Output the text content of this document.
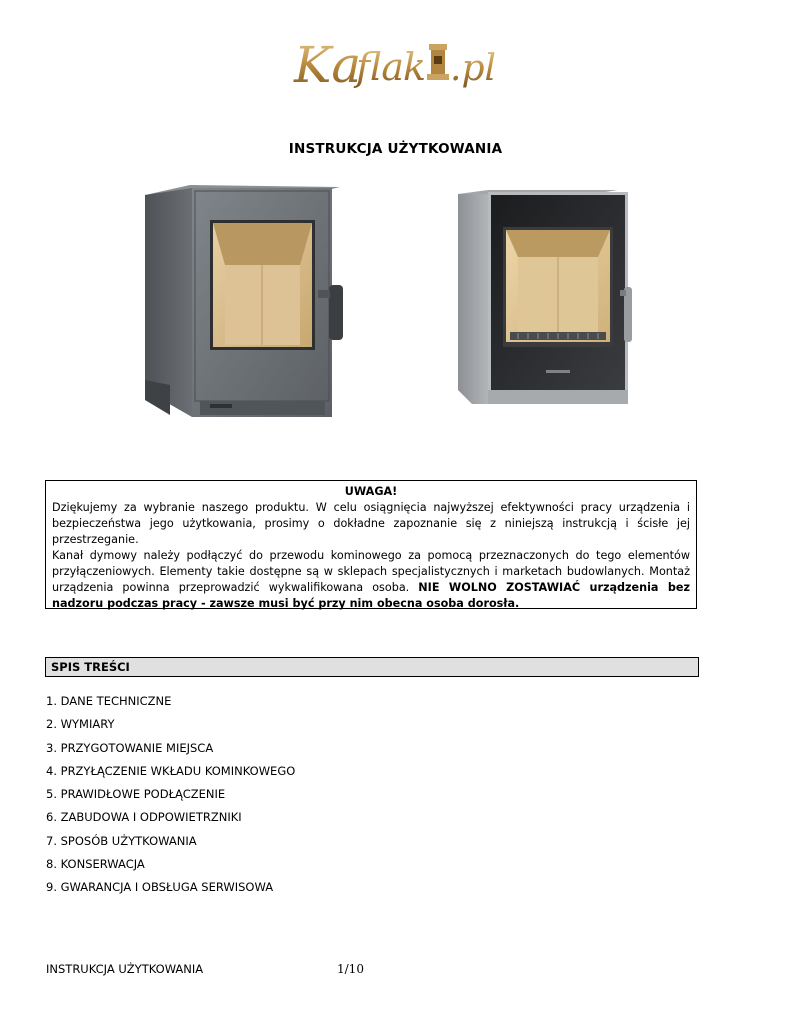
Ka
fla
k .pl
INSTRUKCJA UŻYTKOWANIA
UWAGA!

Dziękujemy za wybranie naszego produktu. W celu osiągnięcia najwyższej efektywności pracy urządzenia i bezpieczeństwa jego użytkowania, prosimy o dokładne zapoznanie się z niniejszą instrukcją i ścisłe jej przestrzeganie.

Kanał dymowy należy podłączyć do przewodu kominowego za pomocą przeznaczonych do tego elementów przyłączeniowych. Elementy takie dostępne są w sklepach specjalistycznych i marketach budowlanych. Montaż urządzenia powinna przeprowadzić wykwalifikowana osoba. NIE WOLNO ZOSTAWIAĆ urządzenia bez nadzoru podczas pracy - zawsze musi być przy nim obecna osoba dorosła.

SPIS TREŚCI
1. DANE TECHNICZNE
2. WYMIARY
3. PRZYGOTOWANIE MIEJSCA
4. PRZYŁĄCZENIE WKŁADU KOMINKOWEGO
5. PRAWIDŁOWE PODŁĄCZENIE
6. ZABUDOWA I ODPOWIETRZNIKI
7. SPOSÓB UŻYTKOWANIA
8. KONSERWACJA
9. GWARANCJA I OBSŁUGA SERWISOWA
INSTRUKCJA UŻYTKOWANIA	1/10
